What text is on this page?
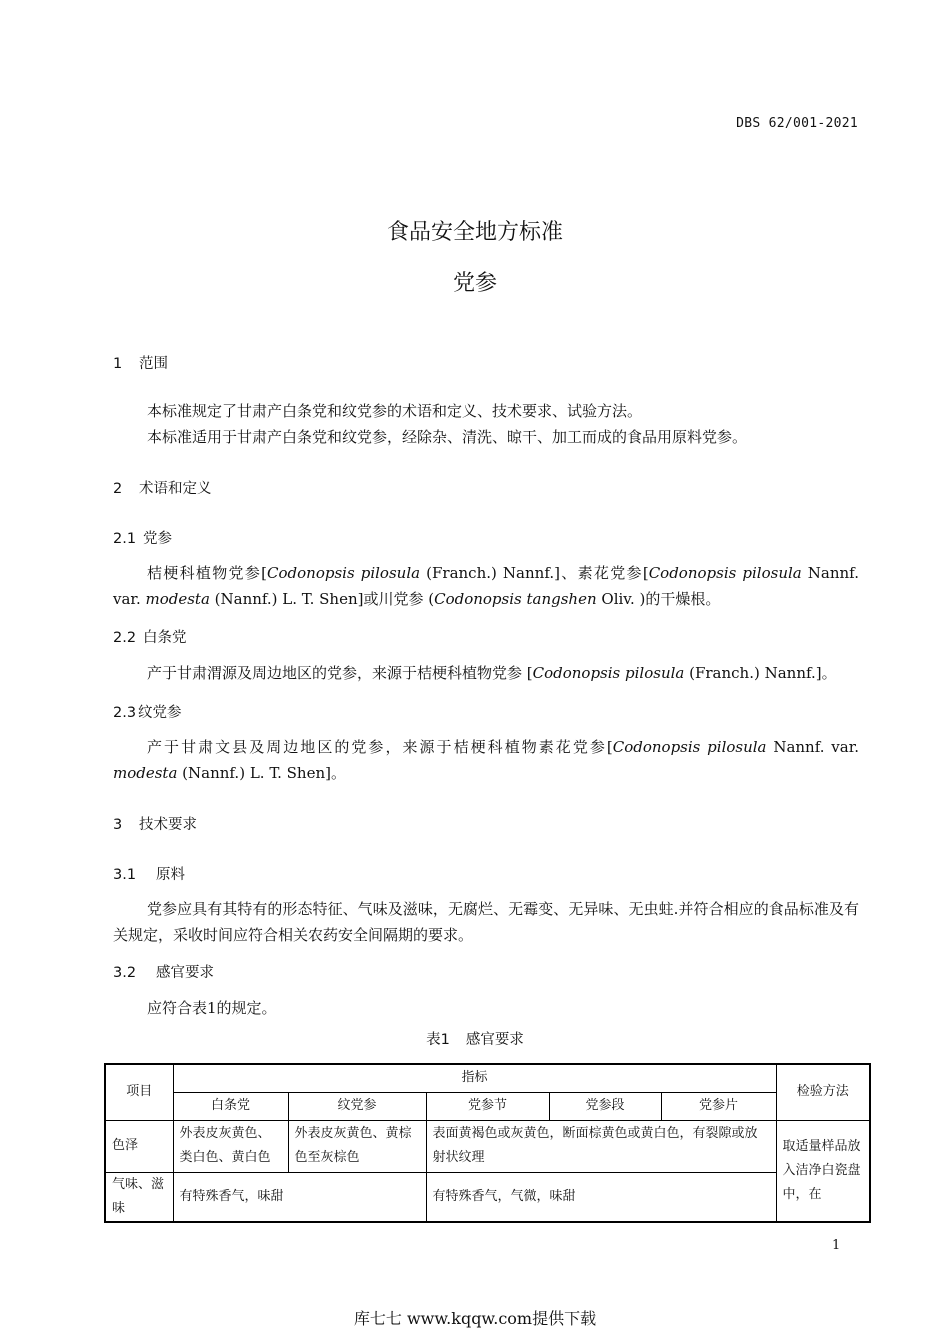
DBS 62/001-2021
食品安全地方标准
党参
1 范围
本标准规定了甘肃产白条党和纹党参的术语和定义、技术要求、试验方法。
本标准适用于甘肃产白条党和纹党参，经除杂、清洗、晾干、加工而成的食品用原料党参。
2 术语和定义
2.1 党参
桔梗科植物党参[Codonopsis pilosula (Franch.) Nannf.]、素花党参[Codonopsis pilosula Nannf. var. modesta (Nannf.) L. T. Shen]或川党参 (Codonopsis tangshen Oliv. )的干燥根。
2.2 白条党
产于甘肃渭源及周边地区的党参，来源于桔梗科植物党参 [Codonopsis pilosula (Franch.) Nannf.]。
2.3 纹党参
产于甘肃文县及周边地区的党参，来源于桔梗科植物素花党参[Codonopsis pilosula Nannf. var. modesta (Nannf.) L. T. Shen]。
3 技术要求
3.1 原料
党参应具有其特有的形态特征、气味及滋味，无腐烂、无霉变、无异味、无虫蛀.并符合相应的食品标准及有关规定，采收时间应符合相关农药安全间隔期的要求。
3.2 感官要求
应符合表1的规定。
表1 感官要求
项目	指标					检验方法
	白条党	纹党参	党参节	党参段	党参片	
色泽	外表皮灰黄色、类白色、黄白色	外表皮灰黄色、黄棕色至灰棕色	表面黄褐色或灰黄色，断面棕黄色或黄白色，有裂隙或放射状纹理			取适量样品放入洁净白瓷盘中，在
气味、滋味	有特殊香气，味甜		有特殊香气，气微，味甜			
1
库七七 www.kqqw.com提供下载
